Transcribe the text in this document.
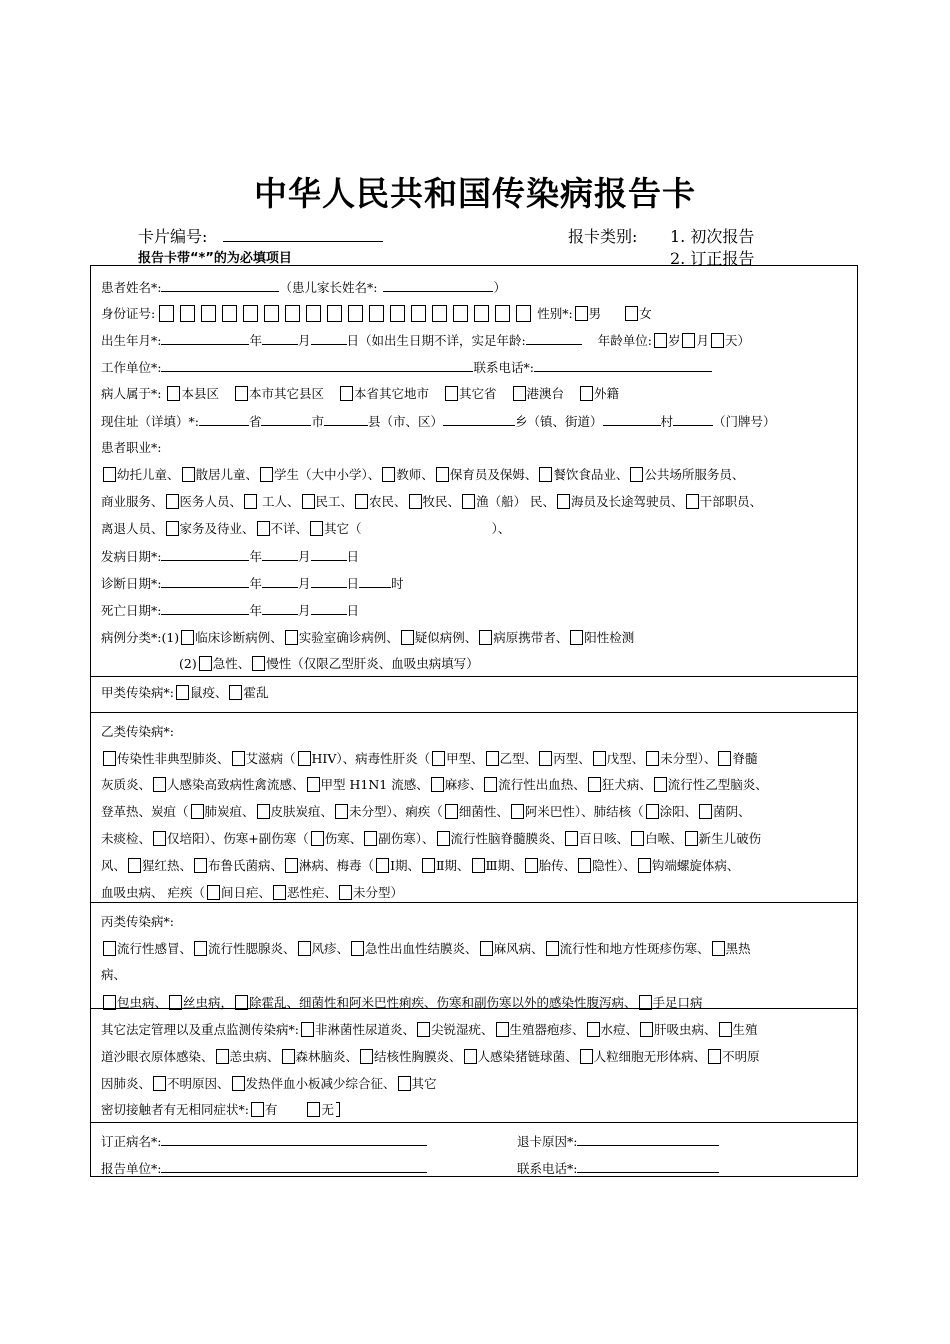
中华人民共和国传染病报告卡
卡片编号:
报告卡带“*”的为必填项目
报卡类别: 1. 初次报告
2. 订正报告
患者姓名*:	（患儿家长姓名*:	）
身份证号:	性别*: 男	女
出生年月*:	年	月	日（如出生日期不详，实足年龄:	年龄单位: 岁 月 天）
工作单位*:	联系电话*:
病人属于*: 本县区 本市其它县区 本省其它地市 其它省 港澳台 外籍
现住址（详填）*:	省	市	县（市、区）	乡（镇、街道）	村	（门牌号）
患者职业*:
幼托儿童、 散居儿童、 学生（大中小学）、 教师、 保育员及保姆、 餐饮食品业、 公共场所服务员、
商业服务、 医务人员、 工人、 民工、 农民、 牧民、 渔（船） 民、 海员及长途驾驶员、 干部职员、
离退人员、 家务及待业、 不详、 其它（	）、
发病日期*:	年	月	日
诊断日期*:	年	月	日	时
死亡日期*:	年	月	日
病例分类*:(1) 临床诊断病例、 实验室确诊病例、 疑似病例、 病原携带者、 阳性检测
(2) 急性、 慢性（仅限乙型肝炎、血吸虫病填写）
甲类传染病*: 鼠疫、 霍乱
乙类传染病*:
传染性非典型肺炎、 艾滋病（ HIV）、病毒性肝炎（ 甲型、 乙型、 丙型、 戊型、 未分型）、 脊髓
灰质炎、 人感染高致病性禽流感、 甲型 H1N1 流感、 麻疹、 流行性出血热、 狂犬病、 流行性乙型脑炎、
登革热、炭疽（ 肺炭疽、 皮肤炭疽、 未分型）、痢疾（ 细菌性、 阿米巴性）、肺结核（ 涂阳、 菌阴、
未痰检、 仅培阳）、伤寒+副伤寒（ 伤寒、 副伤寒）、 流行性脑脊髓膜炎、 百日咳、 白喉、 新生儿破伤
风、 猩红热、 布鲁氏菌病、 淋病、梅毒（ Ⅰ期、 Ⅱ期、 Ⅲ期、 胎传、 隐性）、 钩端螺旋体病、
血吸虫病、 疟疾（ 间日疟、 恶性疟、 未分型）
丙类传染病*:
流行性感冒、 流行性腮腺炎、 风疹、 急性出血性结膜炎、 麻风病、 流行性和地方性斑疹伤寒、 黑热
病、
包虫病、 丝虫病， 除霍乱、细菌性和阿米巴性痢疾、伤寒和副伤寒以外的感染性腹泻病、 手足口病
其它法定管理以及重点监测传染病*: 非淋菌性尿道炎、 尖锐湿疣、 生殖器疱疹、 水痘、 肝吸虫病、 生殖
道沙眼衣原体感染、 恙虫病、 森林脑炎、 结核性胸膜炎、 人感染猪链球菌、 人粒细胞无形体病、 不明原
因肺炎、 不明原因、 发热伴血小板减少综合征、 其它
密切接触者有无相同症状*: 有	无
订正病名*:	退卡原因*:
报告单位*:	联系电话*:
